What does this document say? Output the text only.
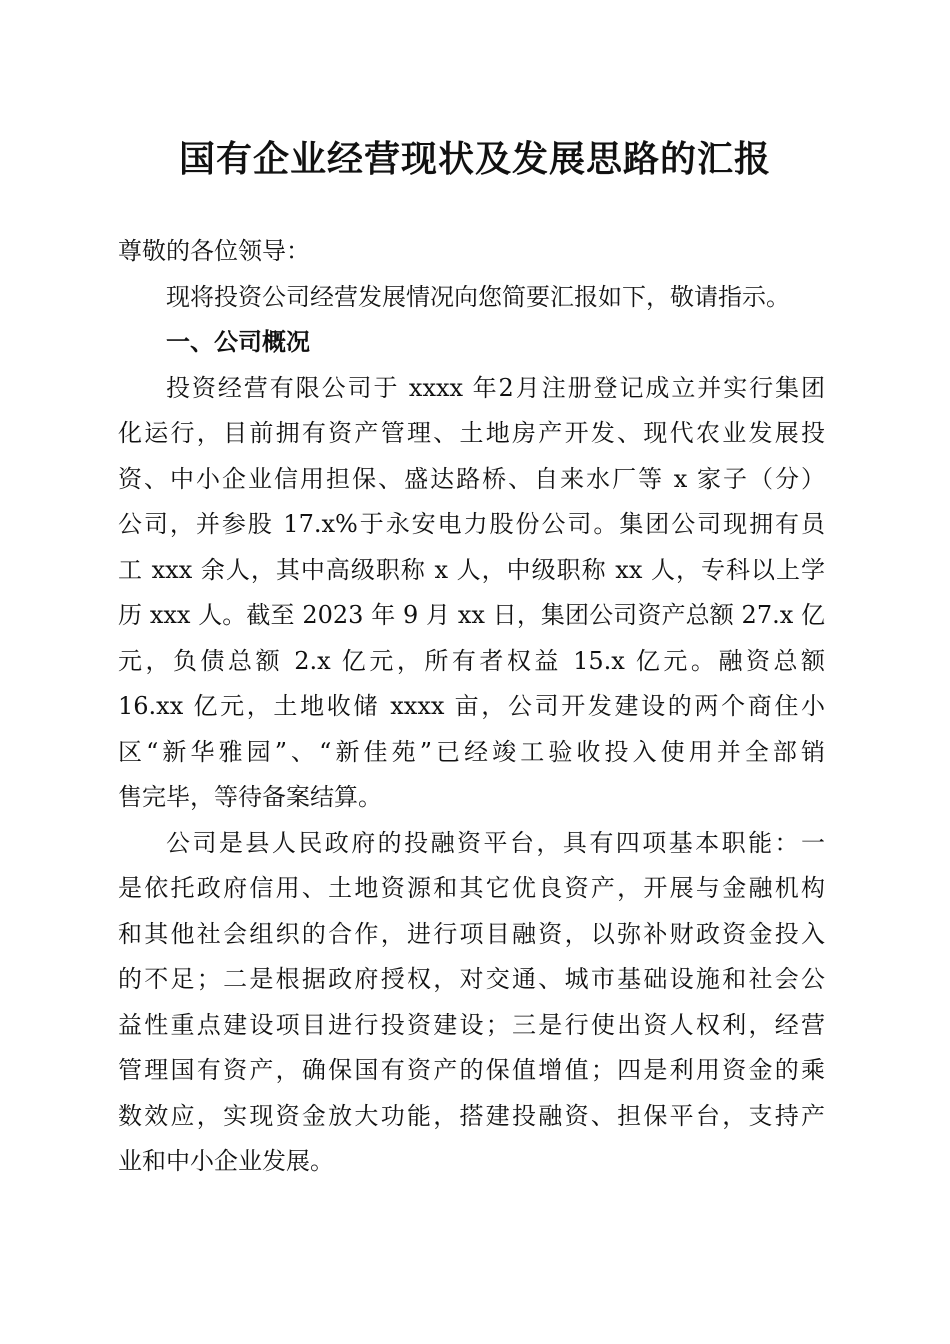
国有企业经营现状及发展思路的汇报
尊敬的各位领导：
现将投资公司经营发展情况向您简要汇报如下，敬请指示。
一、公司概况
投资经营有限公司于 xxxx 年2月注册登记成立并实行集团
化运行，目前拥有资产管理、土地房产开发、现代农业发展投
资、中小企业信用担保、盛达路桥、自来水厂等 x 家子（分）
公司，并参股 17.x%于永安电力股份公司。集团公司现拥有员
工 xxx 余人，其中高级职称 x 人，中级职称 xx 人，专科以上学
历 xxx 人。截至 2023 年 9 月 xx 日，集团公司资产总额 27.x 亿
元，负债总额 2.x 亿元，所有者权益 15.x 亿元。融资总额
16.xx 亿元，土地收储 xxxx 亩，公司开发建设的两个商住小
区“新华雅园”、“新佳苑”已经竣工验收投入使用并全部销
售完毕，等待备案结算。
公司是县人民政府的投融资平台，具有四项基本职能：一
是依托政府信用、土地资源和其它优良资产，开展与金融机构
和其他社会组织的合作，进行项目融资，以弥补财政资金投入
的不足；二是根据政府授权，对交通、城市基础设施和社会公
益性重点建设项目进行投资建设；三是行使出资人权利，经营
管理国有资产，确保国有资产的保值增值；四是利用资金的乘
数效应，实现资金放大功能，搭建投融资、担保平台，支持产
业和中小企业发展。
